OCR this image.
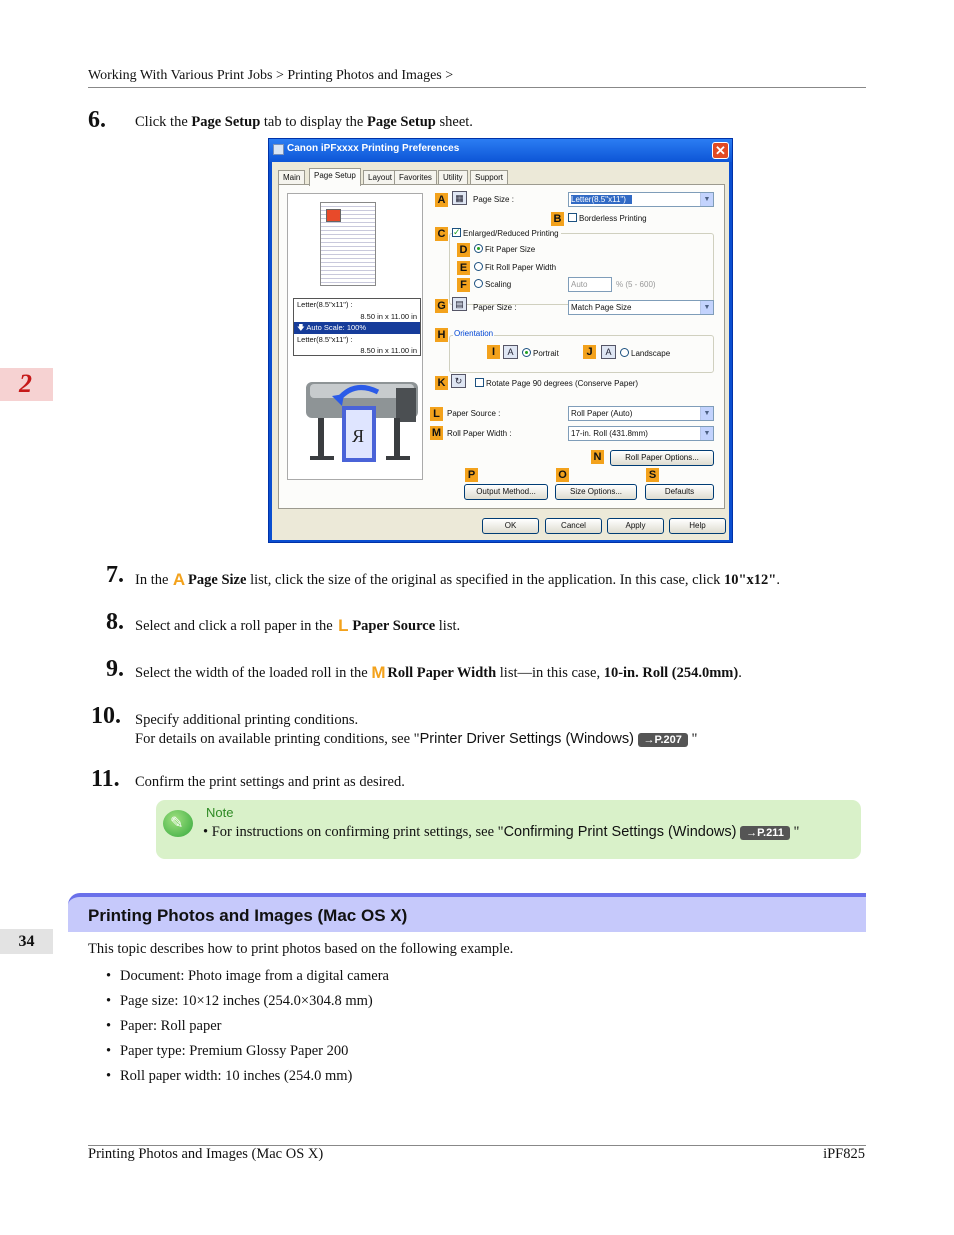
Working With Various Print Jobs > Printing Photos and Images >
2
6. Click the Page Setup tab to display the Page Setup sheet.
Canon iPFxxxx Printing Preferences	✕
Main	Page Setup	Layout Favorites	Utility	Support
Letter(8.5"x11") :
8.50 in x 11.00 in
🡇 Auto Scale: 100%
Letter(8.5"x11") :
8.50 in x 11.00 in
R
A	▦	Page Size :	Letter(8.5"x11")	▼
B	Borderless Printing
C
✓	Enlarged/Reduced Printing
D	Fit Paper Size
E	Fit Roll Paper Width
F	Scaling	Auto	% (5 - 600)
G	▤	Paper Size :	Match Page Size	▼
H	Orientation
I	A	Portrait	J	A	Landscape
K	↻	Rotate Page 90 degrees (Conserve Paper)
L Paper Source :	Roll Paper (Auto)	▼
M Roll Paper Width :	17-in. Roll (431.8mm)	▼
N	Roll Paper Options...
P	O	S
Output Method...	Size Options...	Defaults
OK	Cancel	Apply	Help
7. In the A Page Size list, click the size of the original as specified in the application. In this case, click 10"x12".
8. Select and click a roll paper in the L Paper Source list.
9. Select the width of the loaded roll in the M Roll Paper Width list—in this case, 10-in. Roll (254.0mm).
10. Specify additional printing conditions.
For details on available printing conditions, see "Printer Driver Settings (Windows) →P.207 "
11. Confirm the print settings and print as desired.
✎
Note
• For instructions on confirming print settings, see "Confirming Print Settings (Windows) →P.211 "
Printing Photos and Images (Mac OS X)
34	This topic describes how to print photos based on the following example.
• Document: Photo image from a digital camera
• Page size: 10×12 inches (254.0×304.8 mm)
• Paper: Roll paper
• Paper type: Premium Glossy Paper 200
• Roll paper width: 10 inches (254.0 mm)
Printing Photos and Images (Mac OS X)	iPF825
